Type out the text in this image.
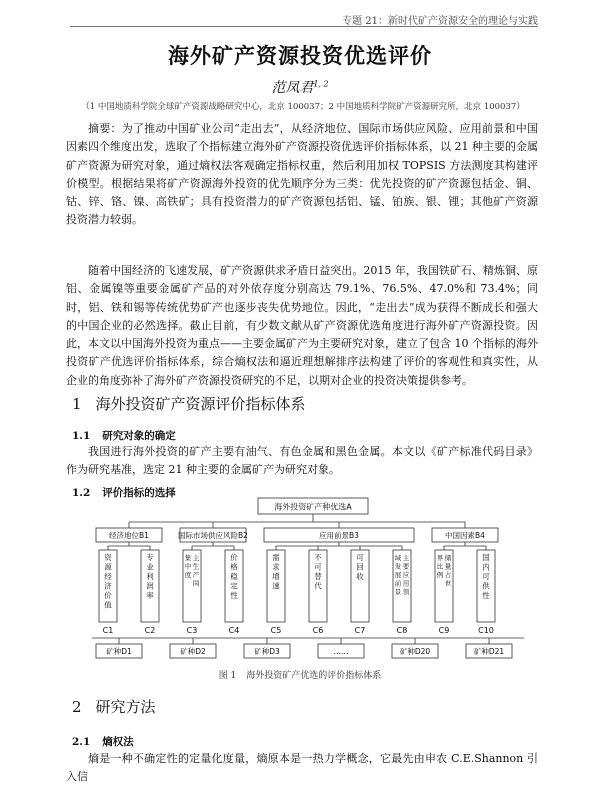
专题 21：新时代矿产资源安全的理论与实践
海外矿产资源投资优选评价
范凤君$^{1, 2}$
（1 中国地质科学院全球矿产资源战略研究中心，北京 100037；2 中国地质科学院矿产资源研究所，北京 100037）

摘要：为了推动中国矿业公司“走出去”，从经济地位、国际市场供应风险、应用前景和中国因素四个维度出发，选取了个指标建立海外矿产资源投资优选评价指标体系，以 21 种主要的金属矿产资源为研究对象，通过熵权法客观确定指标权重，然后利用加权 TOPSIS 方法测度其构建评价模型。根据结果将矿产资源海外投资的优先顺序分为三类：优先投资的矿产资源包括金、铜、钴、锌、铬、镍、高铁矿；具有投资潜力的矿产资源包括铝、锰、铂族、银、锂；其他矿产资源投资潜力较弱。

随着中国经济的飞速发展，矿产资源供求矛盾日益突出。2015 年，我国铁矿石、精炼铜、原铝、金属镍等重要金属矿产品的对外依存度分别高达 79.1%、76.5%、47.0%和 73.4%；同时，铝、铁和锡等传统优势矿产也逐步丧失优势地位。因此，“走出去”成为获得不断成长和强大的中国企业的必然选择。截止目前，有少数文献从矿产资源优选角度进行海外矿产资源投资。因此，本文以中国海外投资为重点——主要金属矿产为主要研究对象，建立了包含 10 个指标的海外投资矿产优选评价指标体系，综合熵权法和逼近理想解排序法构建了评价的客观性和真实性，从企业的角度弥补了海外矿产资源投资研究的不足，以期对企业的投资决策提供参考。

1 海外投资矿产资源评价指标体系
1.1 研究对象的确定

我国进行海外投资的矿产主要有油气、有色金属和黑色金属。本文以《矿产标准代码目录》作为研究基准，选定 21 种主要的金属矿产为研究对象。

1.2 评价指标的选择
海外投资矿产种优选A
经济地位B1	国际市场供应风险B2	应用前景B3	中国因素B4
资
源
经
济
价
值
C1
专
业
利
润
率
C2
主
生
产
国
集
中
度
C3
价
格
稳
定
性
C4
需
求
增
速
C5
不
可
替
代
C6
可
回
收
C7
主
要
应
用
领
域
发
展
前
景
C8
储
量
占
世
界
比
例
C9
国
内
可
供
性
C10
矿种D1	矿种D2	矿种D3	……	矿种D20	矿种D21
图 1 海外投资矿产优选的评价指标体系
2 研究方法
2.1 熵权法

熵是一种不确定性的定量化度量，熵原本是一热力学概念，它最先由申农 C.E.Shannon 引入信
